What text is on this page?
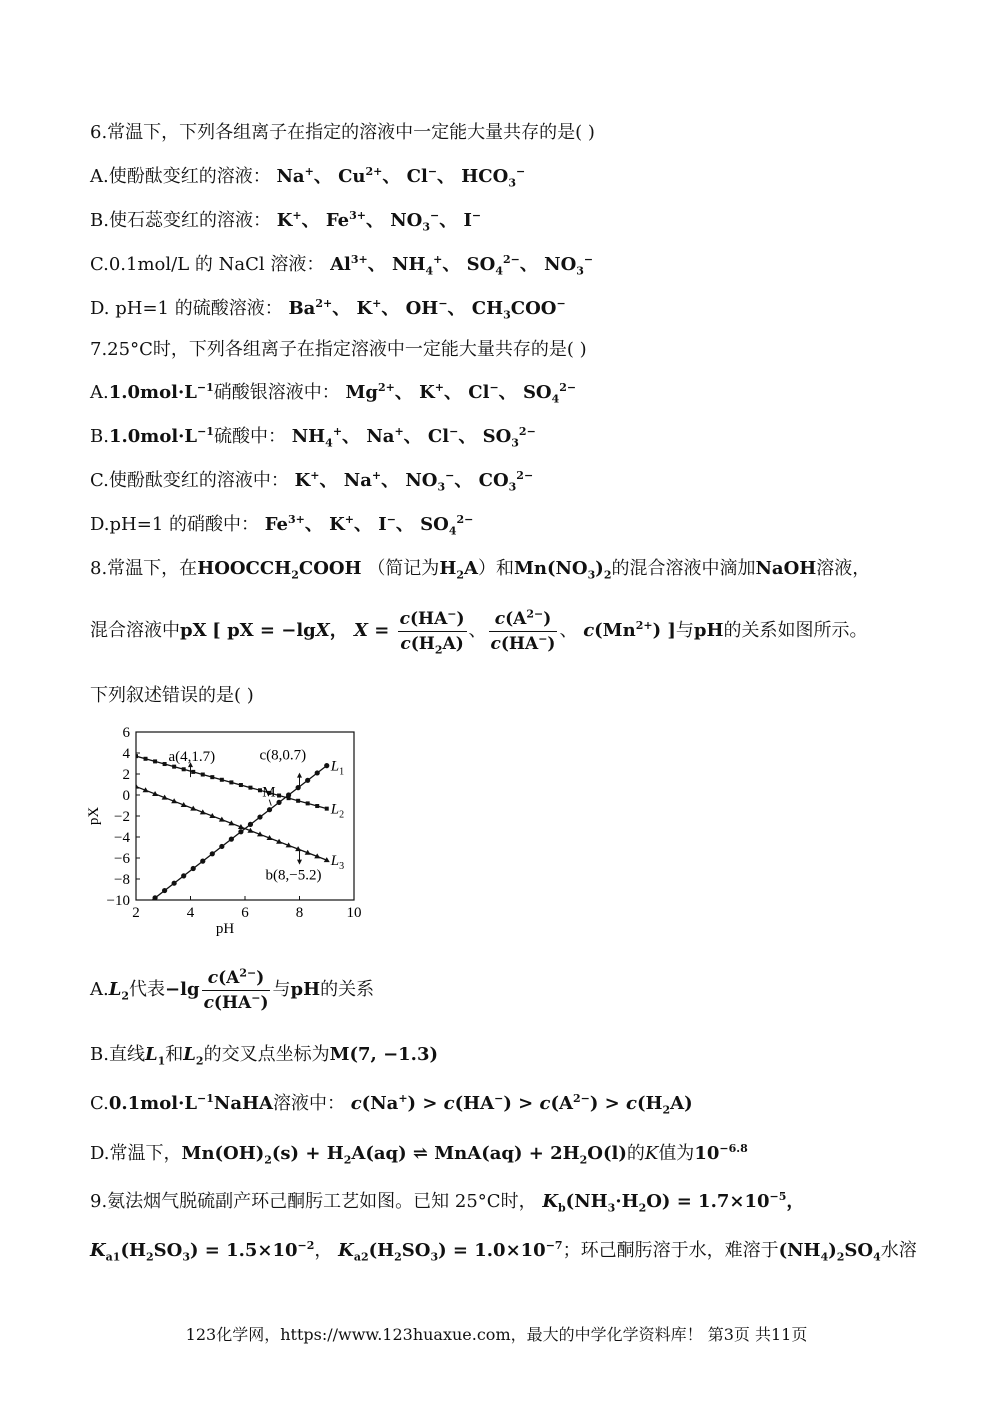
6.常温下，下列各组离子在指定的溶液中一定能大量共存的是( )
A.使酚酞变红的溶液： Na+、 $Cu^{2+}$、 Cl−、 $HCO_3^-$
B.使石蕊变红的溶液： K+、 $Fe^{3+}$、 $NO_3^-$、 I−
C.0.1mol/L 的 NaCl 溶液： $Al^{3+}$、 $NH_4^+$、 $SO_4^{2-}$、 $NO_3^-$
D. pH=1 的硫酸溶液： $Ba^{2+}$、 K+、 OH−、 $CH_3COO^-$
7.25°C时，下列各组离子在指定溶液中一定能大量共存的是( )
$A.1.0mol\cdot L^{-1}$硝酸银溶液中： $Mg^{2+}$、 K+、 Cl−、 $SO_4^{2-}$
$B.1.0mol\cdot L^{-1}$硫酸中： $NH_4^+$、 Na+、 Cl−、 $SO_3^{2-}$
C.使酚酞变红的溶液中： K+、 Na+、 $NO_3^-$、 $CO_3^{2-}$
D.pH=1 的硝酸中： $Fe^{3+}$、 K+、 I−、 $SO_4^{2-}$
8.常温下，在$HOOCCH_2COOH$ （简记为$H_2A$）和$Mn(NO_3)_2$的混合溶液中滴加NaOH溶液，
混合溶液中pX [ pX = −lgX， $X = \frac{c(HA^-)}{c(H_2A)}$ 、 $\frac{c(A^{2-})}{c(HA^-)}$ 、 $c(Mn^{2+})$ ]与pH的关系如图所示。
下列叙述错误的是( )
2	4	6	8	10
6
4
2
0
−2
−4
−6
−8
−10
pH
pX
$L_1$
$L_2$
$L_3$
a(4,1.7)	c(8,0.7)
M
b(8,−5.2)
$A.L_2$代表$-\lg \frac{c(A^{2-})}{c(HA^-)}$ 与pH的关系
B.直线$L_1$和$L_2$的交叉点坐标为M(7, −1.3)
$C.0.1mol\cdot L^{-1}NaHA$溶液中： $c(Na^+) > c(HA^-) > c(A^{2-}) > c(H_2A)$
D.常温下，$Mn(OH)_2(s) + H_2A(aq)$ ⇌ $MnA(aq) + 2H_2O(l)$的K值为$10^{-6.8}$
9.氨法烟气脱硫副产环己酮肟工艺如图。已知 25°C时， $K_b(NH_3\cdot H_2O) = 1.7\times 10^{-5}$，
$K_{a1}(H_2SO_3) = 1.5\times 10^{-2}$， $K_{a2}(H_2SO_3) = 1.0\times 10^{-7}$；环己酮肟溶于水，难溶于$(NH_4)_2SO_4$水溶
123化学网，https://www.123huaxue.com，最大的中学化学资料库！ 第3页 共11页
